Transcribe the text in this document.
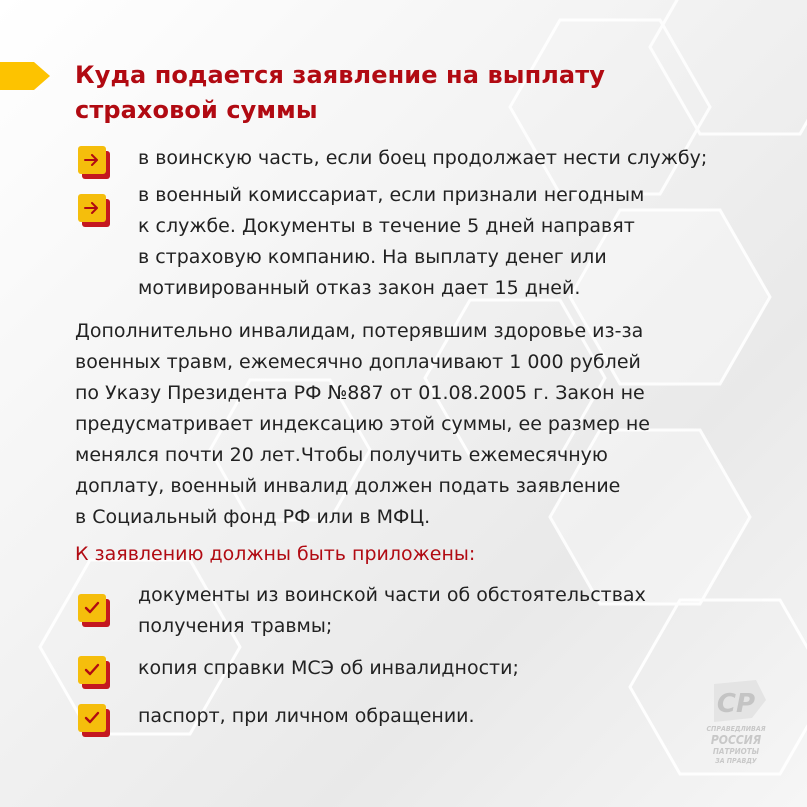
Куда подается заявление на выплату
страховой суммы
в воинскую часть, если боец продолжает нести службу;
в военный комиссариат, если признали негодным
к службе. Документы в течение 5 дней направят
в страховую компанию. На выплату денег или
мотивированный отказ закон дает 15 дней.
Дополнительно инвалидам, потерявшим здоровье из-за
военных травм, ежемесячно доплачивают 1 000 рублей
по Указу Президента РФ №887 от 01.08.2005 г. Закон не
предусматривает индексацию этой суммы, ее размер не
менялся почти 20 лет.Чтобы получить ежемесячную
доплату, военный инвалид должен подать заявление
в Социальный фонд РФ или в МФЦ.
К заявлению должны быть приложены:
документы из воинской части об обстоятельствах
получения травмы;
копия справки МСЭ об инвалидности;
паспорт, при личном обращении.	СР
СПРАВЕДЛИВАЯ
РОССИЯ
ПАТРИОТЫ
ЗА ПРАВДУ
